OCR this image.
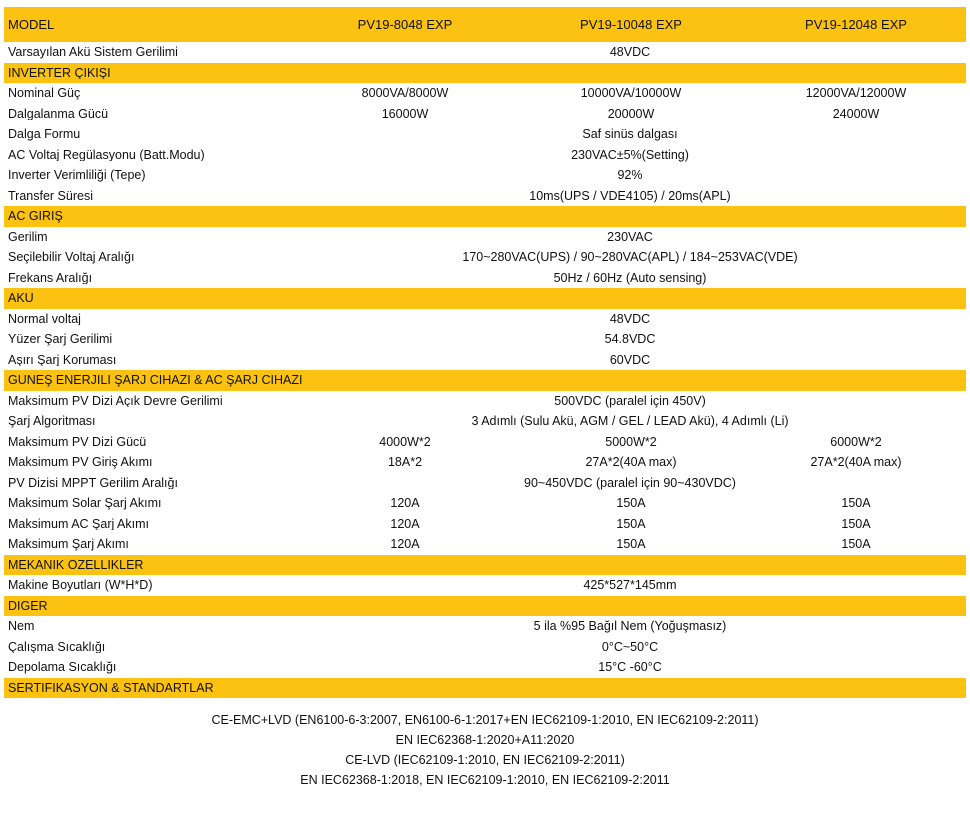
MODEL	PV19-8048 EXP	PV19-10048 EXP	PV19-12048 EXP
Varsayılan Akü Sistem Gerilimi	48VDC
İNVERTER ÇIKIŞI
Nominal Güç	8000VA/8000W	10000VA/10000W	12000VA/12000W
Dalgalanma Gücü	16000W	20000W	24000W
Dalga Formu	Saf sinüs dalgası
AC Voltaj Regülasyonu (Batt.Modu)	230VAC±5%(Setting)
İnverter Verimliliği (Tepe)	92%
Transfer Süresi	10ms(UPS / VDE4105) / 20ms(APL)
AC GİRİŞ
Gerilim	230VAC
Seçilebilir Voltaj Aralığı	170~280VAC(UPS) / 90~280VAC(APL) / 184~253VAC(VDE)
Frekans Aralığı	50Hz / 60Hz (Auto sensing)
AKÜ
Normal voltaj	48VDC
Yüzer Şarj Gerilimi	54.8VDC
Aşırı Şarj Koruması	60VDC
GÜNEŞ ENERJİLİ ŞARJ CİHAZI & AC ŞARJ CİHAZI
Maksimum PV Dizi Açık Devre Gerilimi	500VDC (paralel için 450V)
Şarj Algoritması	3 Adımlı (Sulu Akü, AGM / GEL / LEAD Akü), 4 Adımlı (Li)
Maksimum PV Dizi Gücü	4000W*2	5000W*2	6000W*2
Maksimum PV Giriş Akımı	18A*2	27A*2(40A max)	27A*2(40A max)
PV Dizisi MPPT Gerilim Aralığı	90~450VDC (paralel için 90~430VDC)
Maksimum Solar Şarj Akımı	120A	150A	150A
Maksimum AC Şarj Akımı	120A	150A	150A
Maksimum Şarj Akımı	120A	150A	150A
MEKANİK ÖZELLİKLER
Makine Boyutları (W*H*D)	425*527*145mm
DİĞER
Nem	5 ila %95 Bağıl Nem (Yoğuşmasız)
Çalışma Sıcaklığı	0°C~50°C
Depolama Sıcaklığı	15°C -60°C
SERTİFİKASYON & STANDARTLAR
CE-EMC+LVD (EN6100-6-3:2007, EN6100-6-1:2017+EN IEC62109-1:2010, EN IEC62109-2:2011)
EN IEC62368-1:2020+A11:2020
CE-LVD (IEC62109-1:2010, EN IEC62109-2:2011)
EN IEC62368-1:2018, EN IEC62109-1:2010, EN IEC62109-2:2011
